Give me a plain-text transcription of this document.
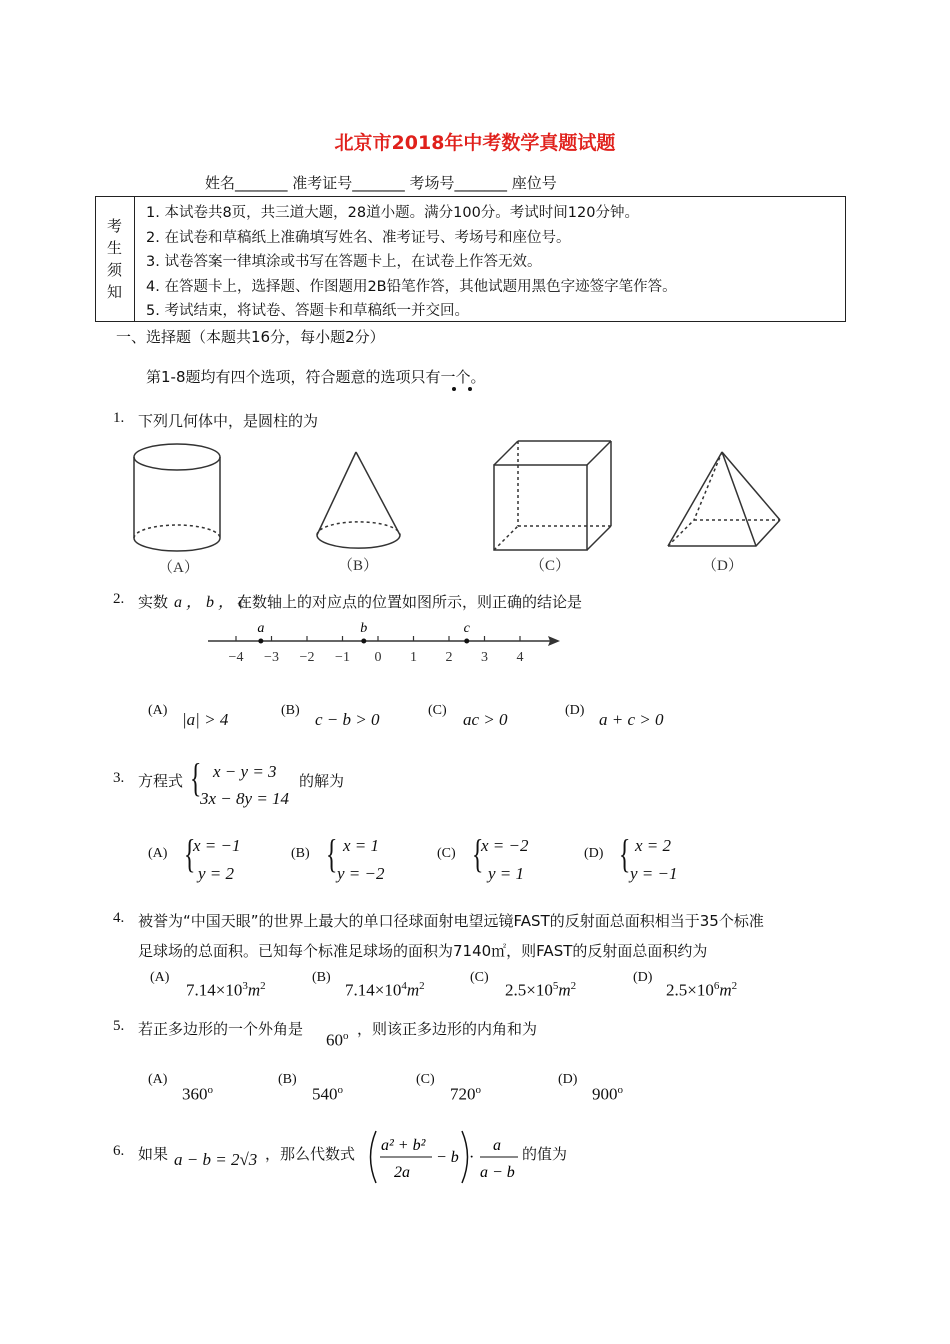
北京市2018年中考数学真题试题
姓名_______ 准考证号_______ 考场号_______ 座位号
考
生
须
知
1. 本试卷共8页，共三道大题，28道小题。满分100分。考试时间120分钟。
2. 在试卷和草稿纸上准确填写姓名、准考证号、考场号和座位号。
3. 试卷答案一律填涂或书写在答题卡上，在试卷上作答无效。
4. 在答题卡上，选择题、作图题用2B铅笔作答，其他试题用黑色字迹签字笔作答。
5. 考试结束，将试卷、答题卡和草稿纸一并交回。
一、选择题（本题共16分，每小题2分）
第1-8题均有四个选项，符合题意的选项只有一个。
1. 下列几何体中，是圆柱的为
（A）	（B）	（C）	（D）
2. 实数 a ， b ， c
在数轴上的对应点的位置如图所示，则正确的结论是
−4 −3 −2 −1 0 1 2 3 4
a	b	c
(A) |a| > 4	(B) c − b > 0	(C) ac > 0	(D) a + c > 0
3. 方程式 { x − y = 3
3x − 8y = 14
的解为
(A) {
x = −1
y = 2
(B) { x = 1
y = −2
(C) {
x = −2
y = 1
(D) { x = 2
y = −1
4. 被誉为“中国天眼”的世界上最大的单口径球面射电望远镜FAST的反射面总面积相当于35个标准
足球场的总面积。已知每个标准足球场的面积为7140㎡，则FAST的反射面总面积约为
(A)
$7.14\times 10^3m^2$
(B)
$7.14\times 10^4m^2$
(C)
$2.5\times 10^5m^2$
(D)
$2.5\times 10^6m^2$
5. 若正多边形的一个外角是
60$^o$ ，则该正多边形的内角和为
(A)
360$^o$
(B)
540$^o$
(C)
720$^o$
(D)
900$^o$
6. 如果 a − b = 2√3 ，那么代数式 a² + b²
2a
− b ·
a
a − b
的值为
